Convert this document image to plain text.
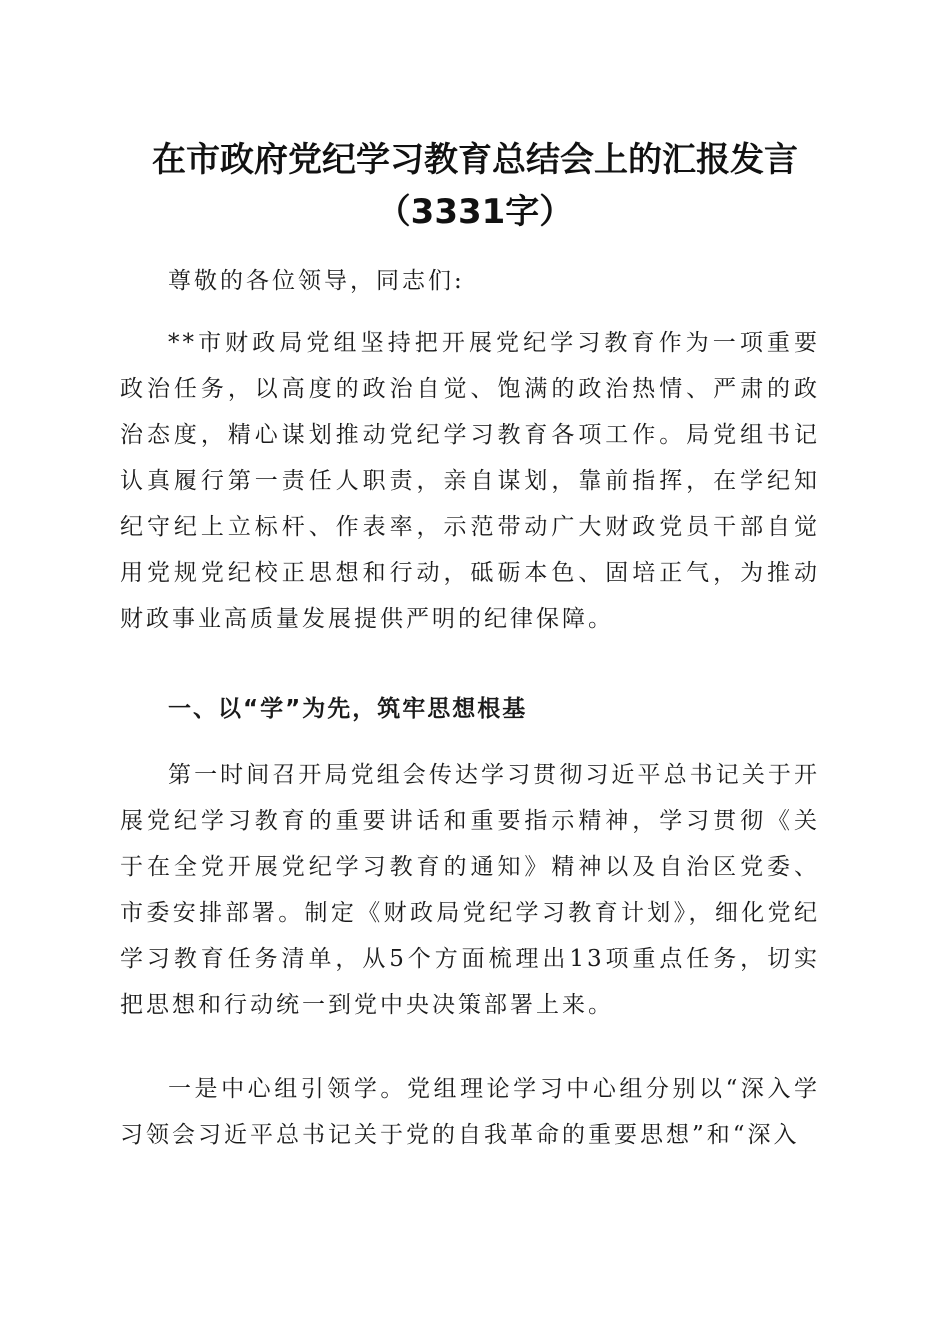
在市政府党纪学习教育总结会上的汇报发言
（3331字）
尊敬的各位领导，同志们:
**市财政局党组坚持把开展党纪学习教育作为一项重要政治任务，以高度的政治自觉、饱满的政治热情、严肃的政治态度，精心谋划推动党纪学习教育各项工作。局党组书记认真履行第一责任人职责，亲自谋划，靠前指挥，在学纪知纪守纪上立标杆、作表率，示范带动广大财政党员干部自觉用党规党纪校正思想和行动，砥砺本色、固培正气，为推动财政事业高质量发展提供严明的纪律保障。
一、以“学”为先，筑牢思想根基
第一时间召开局党组会传达学习贯彻习近平总书记关于开展党纪学习教育的重要讲话和重要指示精神，学习贯彻《关于在全党开展党纪学习教育的通知》精神以及自治区党委、市委安排部署。制定《财政局党纪学习教育计划》，细化党纪学习教育任务清单，从5个方面梳理出13项重点任务，切实把思想和行动统一到党中央决策部署上来。
一是中心组引领学。党组理论学习中心组分别以“深入学习领会习近平总书记关于党的自我革命的重要思想”和“深入
